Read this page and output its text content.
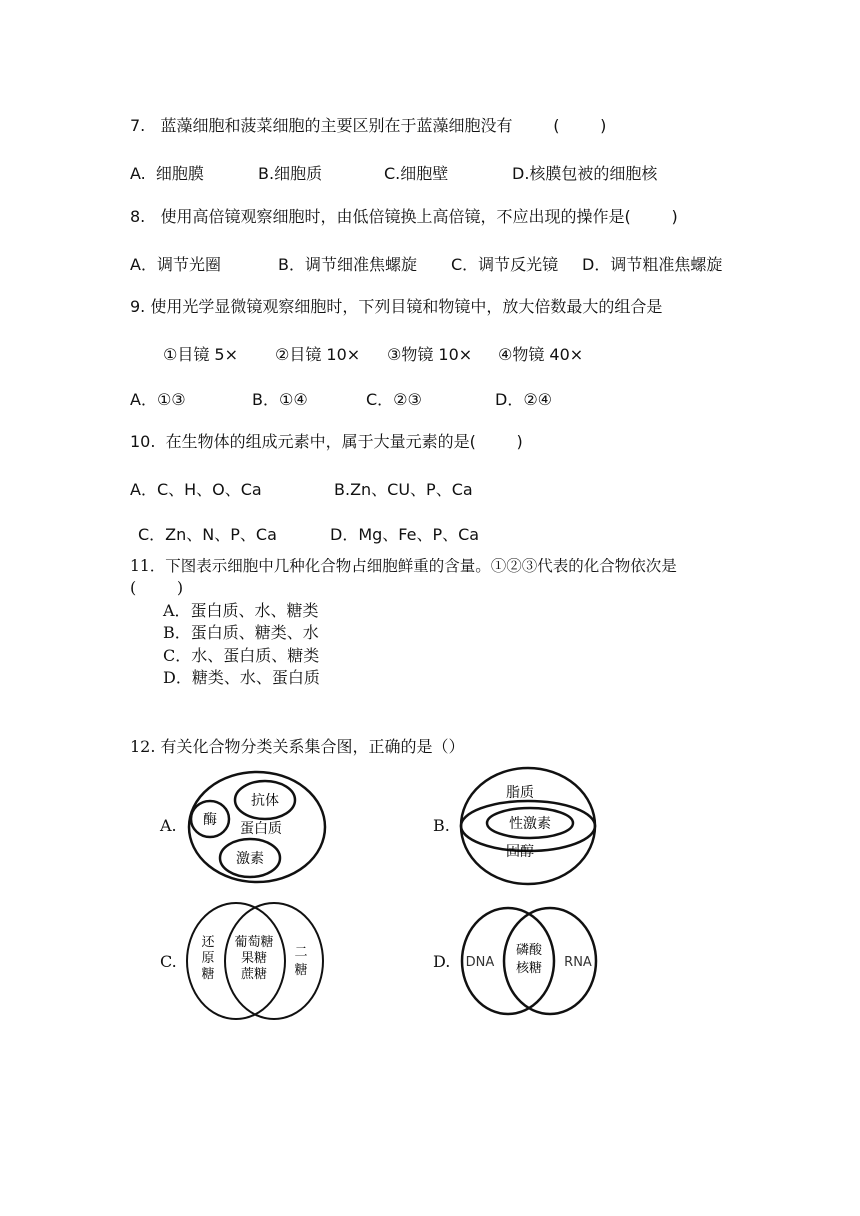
7.   蓝藻细胞和菠菜细胞的主要区别在于蓝藻细胞没有        (        )
A.  细胞膜	B.细胞质	C.细胞壁	D.核膜包被的细胞核
8.   使用高倍镜观察细胞时，由低倍镜换上高倍镜，不应出现的操作是(        )
A．调节光圈	B．调节细准焦螺旋 C．调节反光镜 D．调节粗准焦螺旋
9. 使用光学显微镜观察细胞时，下列目镜和物镜中，放大倍数最大的组合是
①目镜 5× ②目镜 10× ③物镜 10× ④物镜 40×
A．①③	B．①④	C．②③	D．②④
10.  在生物体的组成元素中，属于大量元素的是(        )
A．C、H、O、Ca	B.Zn、CU、P、Ca
C．Zn、N、P、Ca	D．Mg、Fe、P、Ca
11．下图表示细胞中几种化合物占细胞鲜重的含量。①②③代表的化合物依次是
(        )
A．蛋白质、水、糖类
B．蛋白质、糖类、水
C．水、蛋白质、糖类
D．糖类、水、蛋白质
12. 有关化合物分类关系集合图，正确的是（）
A.
抗体
酶
蛋白质
激素
B.
脂质
性激素
固醇
C.
还
原
糖
葡萄糖
果糖
蔗糖
二
糖	D. DNA
磷酸
核糖 RNA
